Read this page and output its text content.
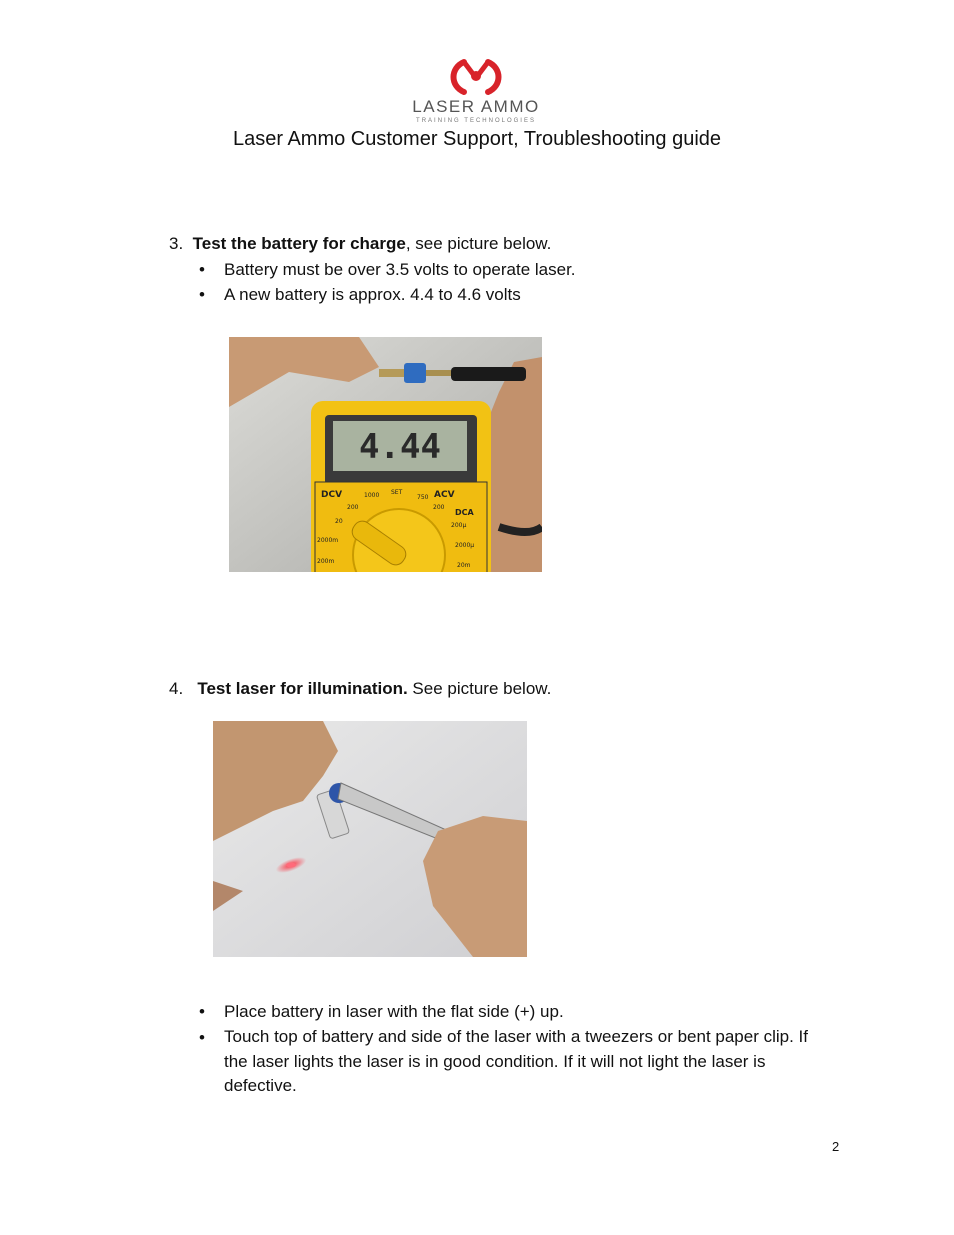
LASER AMMO
TRAINING TECHNOLOGIES
Laser Ammo Customer Support, Troubleshooting guide
3. Test the battery for charge, see picture below.
• Battery must be over 3.5 volts to operate laser.
• A new battery is approx. 4.4 to 4.6 volts
4.44
DCV	1000 SET
750 ACV
200	200
DCA
20
200μ
2000m
2000μ
200m
20m
4. Test laser for illumination. See picture below.
• Place battery in laser with the flat side (+) up.
• Touch top of battery and side of the laser with a tweezers or bent paper clip. If the laser lights the laser is in good condition. If it will not light the laser is defective.
2
